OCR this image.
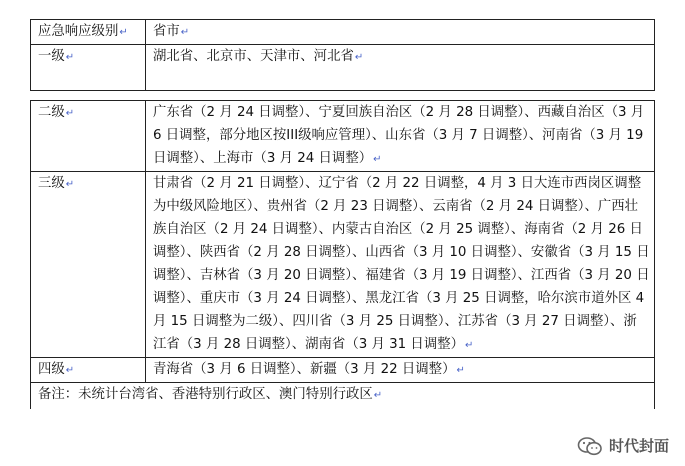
应急响应级别↵	省市↵
一级↵	湖北省、北京市、天津市、河北省↵
二级↵	广东省（2 月 24 日调整）、宁夏回族自治区（2 月 28 日调整）、西藏自治区（3 月 6 日调整，部分地区按III级响应管理）、山东省（3 月 7 日调整）、河南省（3 月 19 日调整）、上海市（3 月 24 日调整）↵
三级↵	甘肃省（2 月 21 日调整）、辽宁省（2 月 22 日调整，4 月 3 日大连市西岗区调整为中级风险地区）、贵州省（2 月 23 日调整）、云南省（2 月 24 日调整）、广西壮族自治区（2 月 24 日调整）、内蒙古自治区（2 月 25 调整）、海南省（2 月 26 日调整）、陕西省（2 月 28 日调整）、山西省（3 月 10 日调整）、安徽省（3 月 15 日调整）、吉林省（3 月 20 日调整）、福建省（3 月 19 日调整）、江西省（3 月 20 日调整）、重庆市（3 月 24 日调整）、黑龙江省（3 月 25 日调整，哈尔滨市道外区 4 月 15 日调整为二级）、四川省（3 月 25 日调整）、江苏省（3 月 27 日调整）、浙江省（3 月 28 日调整）、湖南省（3 月 31 日调整）↵
四级↵	青海省（3 月 6 日调整）、新疆（3 月 22 日调整）↵
备注：未统计台湾省、香港特别行政区、澳门特别行政区↵	
时代封面
